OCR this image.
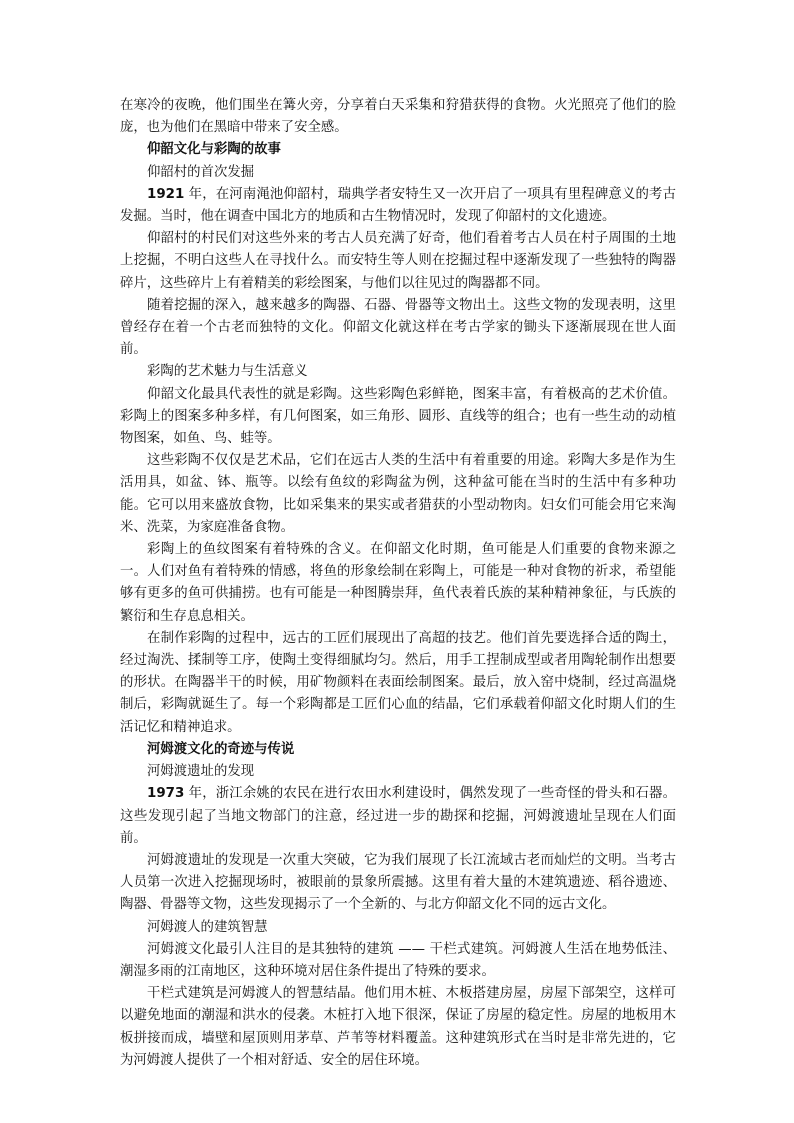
在寒冷的夜晚，他们围坐在篝火旁，分享着白天采集和狩猎获得的食物。火光照亮了他们的脸庞，也为他们在黑暗中带来了安全感。

仰韶文化与彩陶的故事

仰韶村的首次发掘

1921 年，在河南渑池仰韶村，瑞典学者安特生又一次开启了一项具有里程碑意义的考古发掘。当时，他在调查中国北方的地质和古生物情况时，发现了仰韶村的文化遗迹。

仰韶村的村民们对这些外来的考古人员充满了好奇，他们看着考古人员在村子周围的土地上挖掘，不明白这些人在寻找什么。而安特生等人则在挖掘过程中逐渐发现了一些独特的陶器碎片，这些碎片上有着精美的彩绘图案，与他们以往见过的陶器都不同。

随着挖掘的深入，越来越多的陶器、石器、骨器等文物出土。这些文物的发现表明，这里曾经存在着一个古老而独特的文化。仰韶文化就这样在考古学家的锄头下逐渐展现在世人面前。

彩陶的艺术魅力与生活意义

仰韶文化最具代表性的就是彩陶。这些彩陶色彩鲜艳，图案丰富，有着极高的艺术价值。彩陶上的图案多种多样，有几何图案，如三角形、圆形、直线等的组合；也有一些生动的动植物图案，如鱼、鸟、蛙等。

这些彩陶不仅仅是艺术品，它们在远古人类的生活中有着重要的用途。彩陶大多是作为生活用具，如盆、钵、瓶等。以绘有鱼纹的彩陶盆为例，这种盆可能在当时的生活中有多种功能。它可以用来盛放食物，比如采集来的果实或者猎获的小型动物肉。妇女们可能会用它来淘米、洗菜，为家庭准备食物。

彩陶上的鱼纹图案有着特殊的含义。在仰韶文化时期，鱼可能是人们重要的食物来源之一。人们对鱼有着特殊的情感，将鱼的形象绘制在彩陶上，可能是一种对食物的祈求，希望能够有更多的鱼可供捕捞。也有可能是一种图腾崇拜，鱼代表着氏族的某种精神象征，与氏族的繁衍和生存息息相关。

在制作彩陶的过程中，远古的工匠们展现出了高超的技艺。他们首先要选择合适的陶土，经过淘洗、揉制等工序，使陶土变得细腻均匀。然后，用手工捏制成型或者用陶轮制作出想要的形状。在陶器半干的时候，用矿物颜料在表面绘制图案。最后，放入窑中烧制，经过高温烧制后，彩陶就诞生了。每一个彩陶都是工匠们心血的结晶，它们承载着仰韶文化时期人们的生活记忆和精神追求。

河姆渡文化的奇迹与传说

河姆渡遗址的发现

1973 年，浙江余姚的农民在进行农田水利建设时，偶然发现了一些奇怪的骨头和石器。这些发现引起了当地文物部门的注意，经过进一步的勘探和挖掘，河姆渡遗址呈现在人们面前。

河姆渡遗址的发现是一次重大突破，它为我们展现了长江流域古老而灿烂的文明。当考古人员第一次进入挖掘现场时，被眼前的景象所震撼。这里有着大量的木建筑遗迹、稻谷遗迹、陶器、骨器等文物，这些发现揭示了一个全新的、与北方仰韶文化不同的远古文化。

河姆渡人的建筑智慧

河姆渡文化最引人注目的是其独特的建筑 —— 干栏式建筑。河姆渡人生活在地势低洼、潮湿多雨的江南地区，这种环境对居住条件提出了特殊的要求。

干栏式建筑是河姆渡人的智慧结晶。他们用木桩、木板搭建房屋，房屋下部架空，这样可以避免地面的潮湿和洪水的侵袭。木桩打入地下很深，保证了房屋的稳定性。房屋的地板用木板拼接而成，墙壁和屋顶则用茅草、芦苇等材料覆盖。这种建筑形式在当时是非常先进的，它为河姆渡人提供了一个相对舒适、安全的居住环境。
